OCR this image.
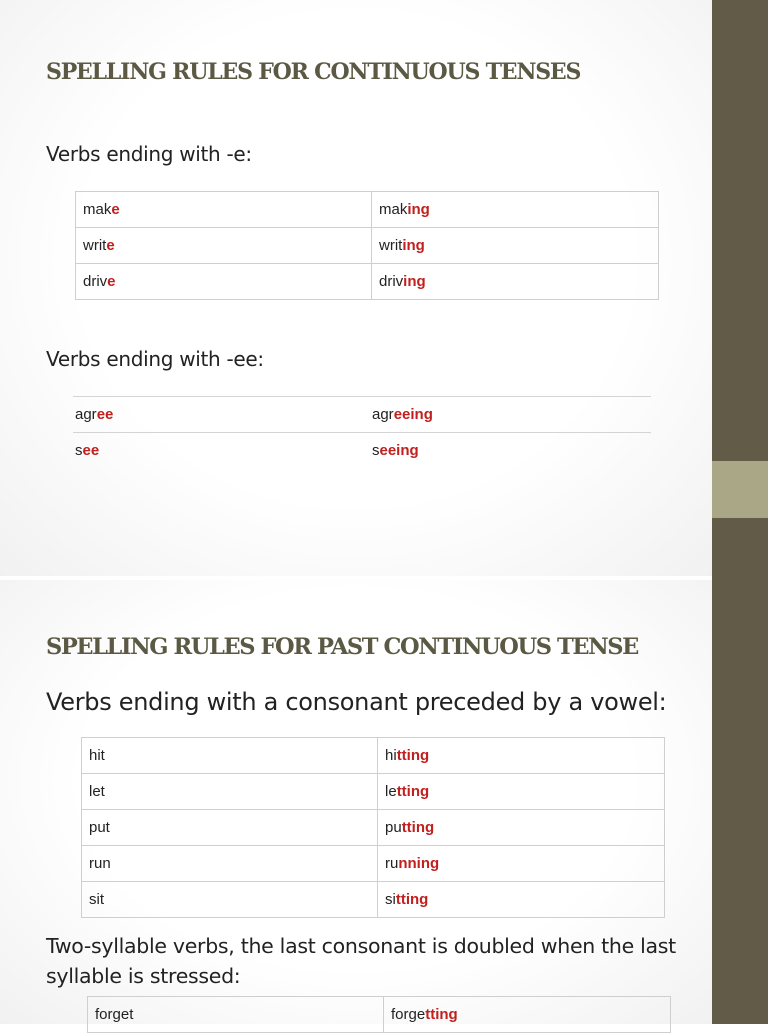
SPELLING RULES FOR CONTINUOUS TENSES

Verbs ending with -e:

make	making
write	writing
drive	driving

Verbs ending with -ee:

agree	agreeing
see	seeing
SPELLING RULES FOR PAST CONTINUOUS TENSE

Verbs ending with a consonant preceded by a vowel:

hit	hitting
let	letting
put	putting
run	running
sit	sitting

Two-syllable verbs, the last consonant is doubled when the last syllable is stressed:

forget	forgetting
